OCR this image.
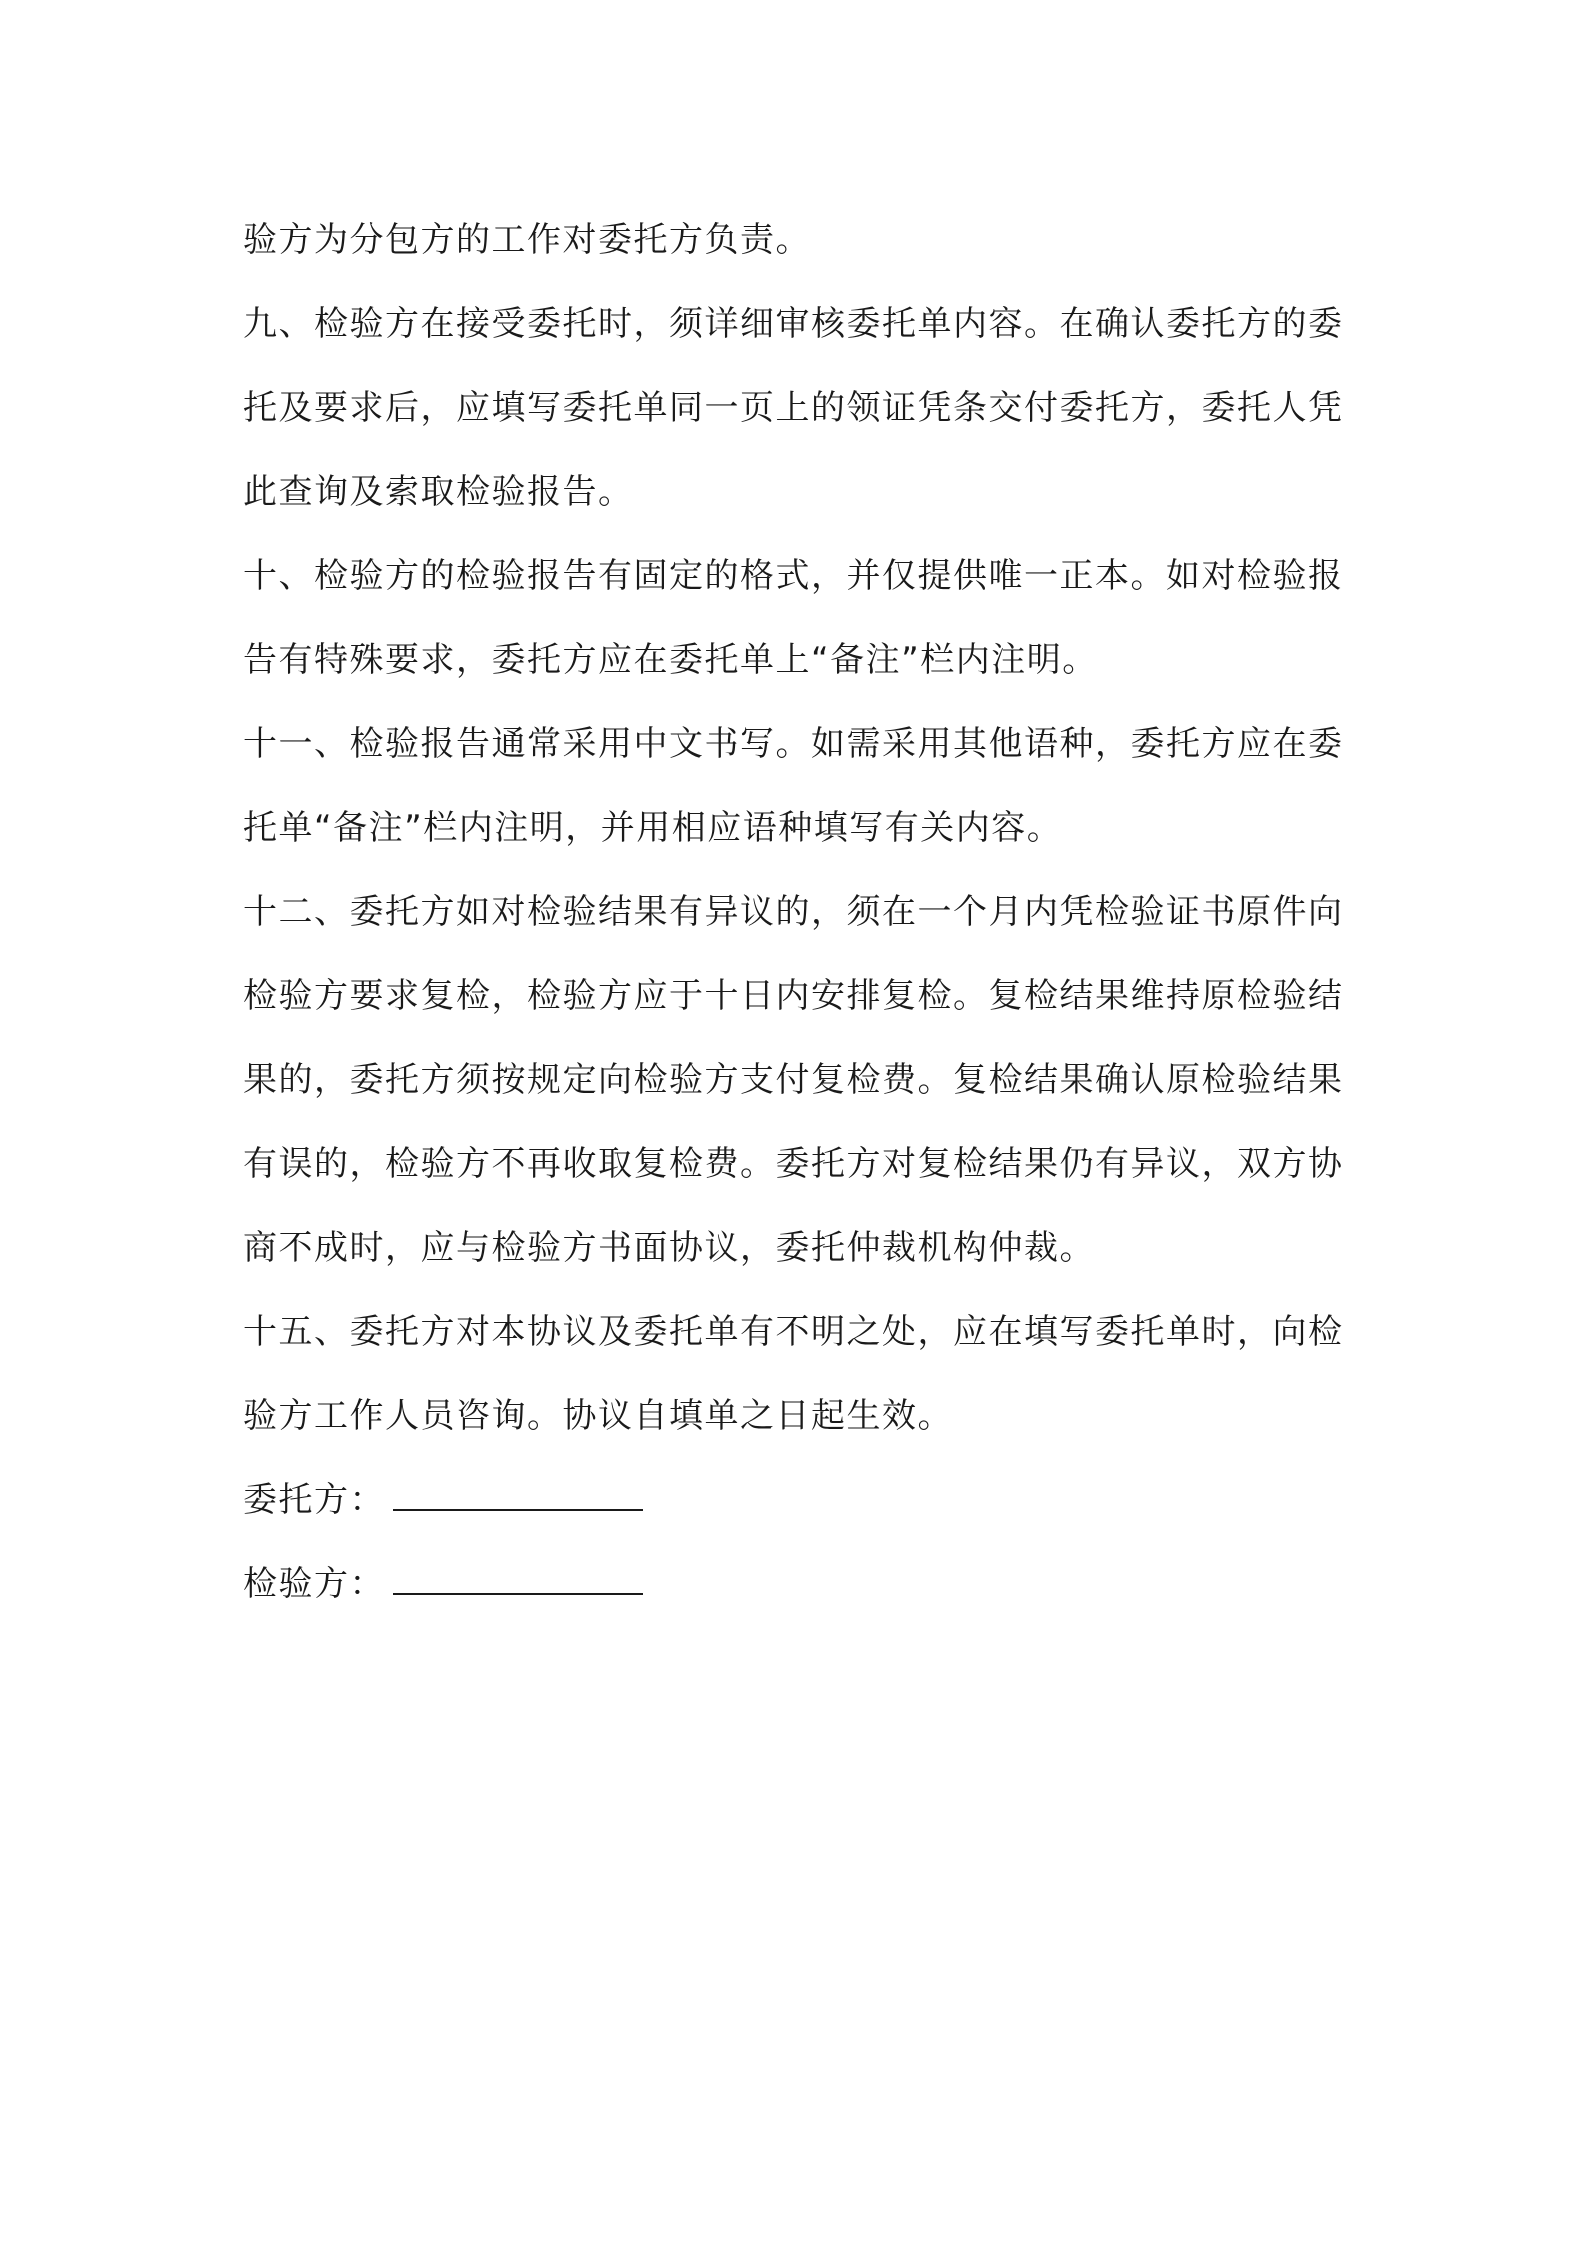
验方为分包方的工作对委托方负责。

九、检验方在接受委托时，须详细审核委托单内容。在确认委托方的委托及要求后，应填写委托单同一页上的领证凭条交付委托方，委托人凭此查询及索取检验报告。

十、检验方的检验报告有固定的格式，并仅提供唯一正本。如对检验报告有特殊要求，委托方应在委托单上“备注”栏内注明。

十一、检验报告通常采用中文书写。如需采用其他语种，委托方应在委托单“备注”栏内注明，并用相应语种填写有关内容。

十二、委托方如对检验结果有异议的，须在一个月内凭检验证书原件向检验方要求复检，检验方应于十日内安排复检。复检结果维持原检验结果的，委托方须按规定向检验方支付复检费。复检结果确认原检验结果有误的，检验方不再收取复检费。委托方对复检结果仍有异议，双方协商不成时，应与检验方书面协议，委托仲裁机构仲裁。

十五、委托方对本协议及委托单有不明之处，应在填写委托单时，向检验方工作人员咨询。协议自填单之日起生效。

委托方：

检验方：
